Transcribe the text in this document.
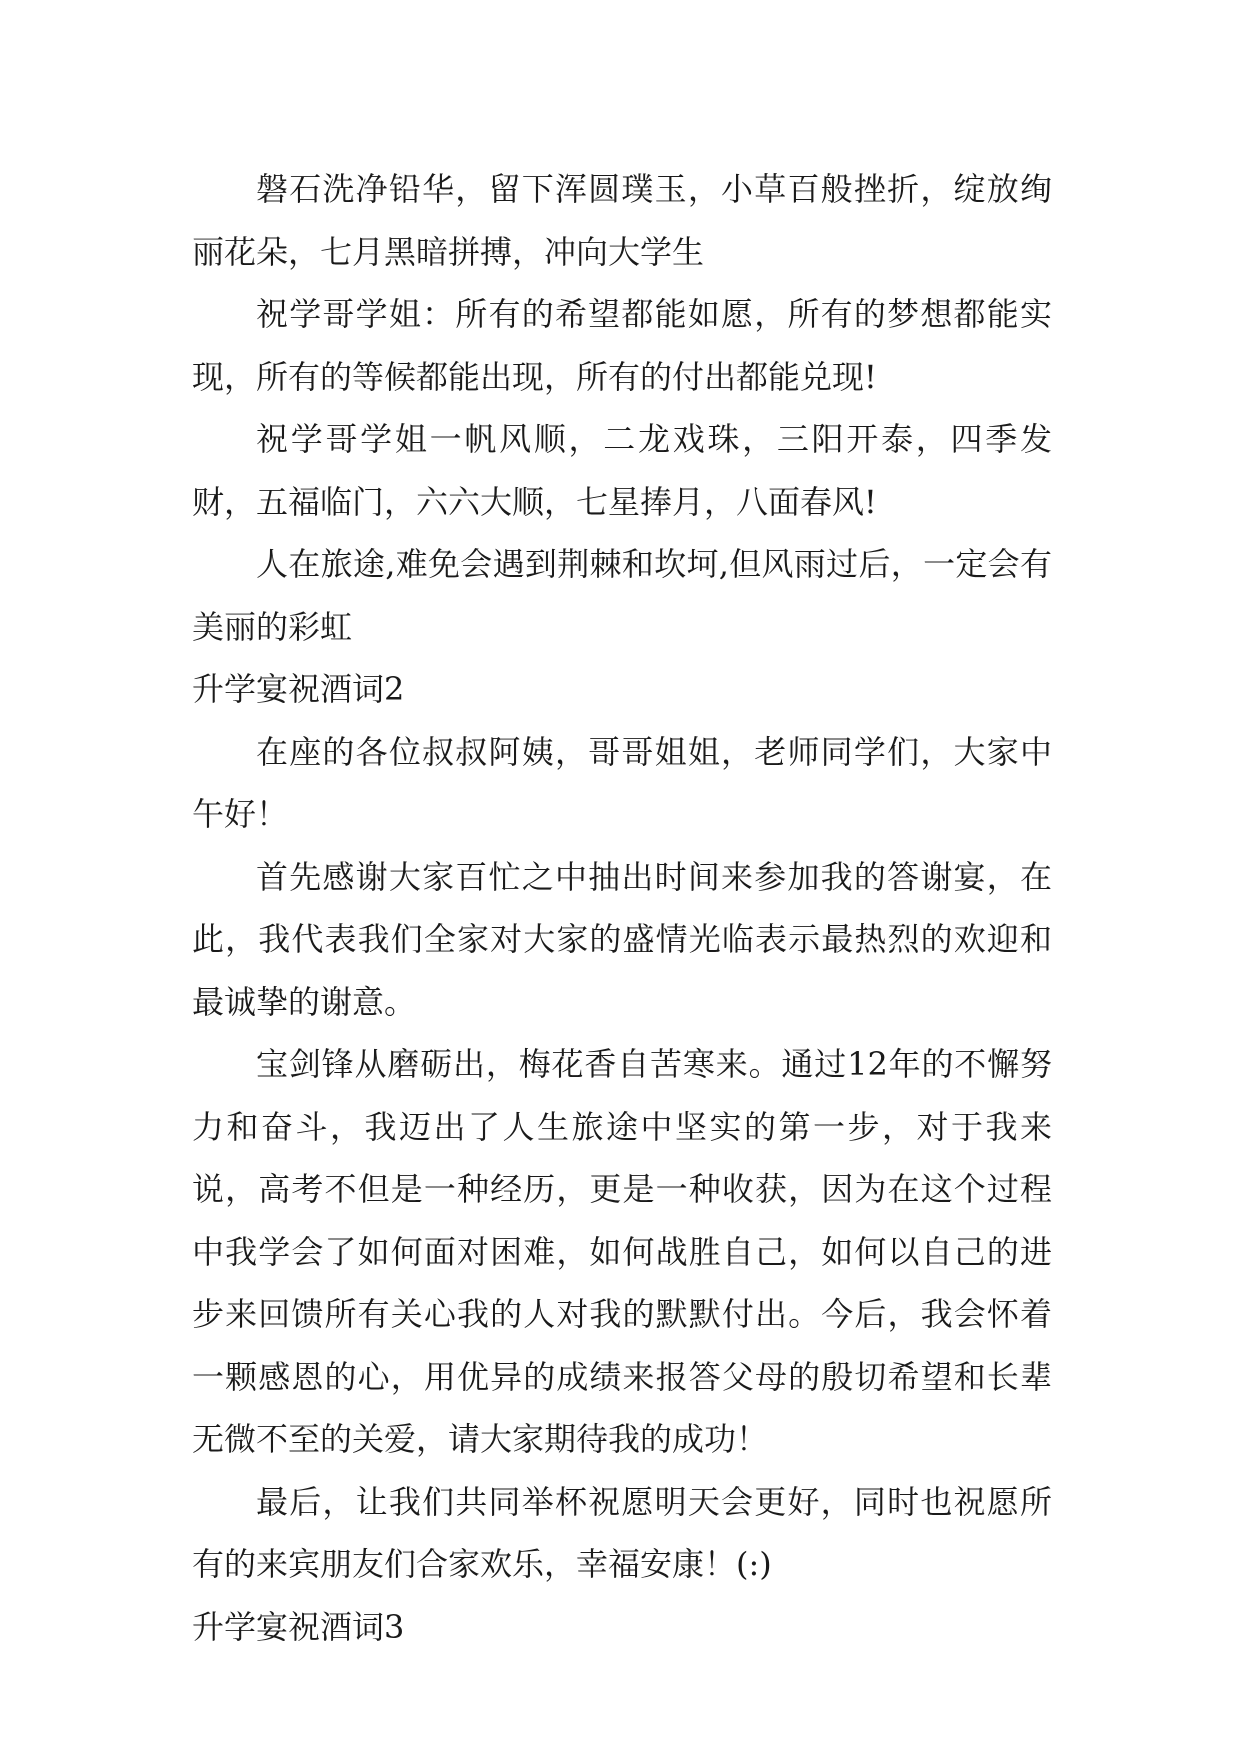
磐石洗净铅华，留下浑圆璞玉，小草百般挫折，绽放绚丽花朵，七月黑暗拼搏，冲向大学生

祝学哥学姐：所有的希望都能如愿，所有的梦想都能实现，所有的等候都能出现，所有的付出都能兑现!

祝学哥学姐一帆风顺，二龙戏珠，三阳开泰，四季发财，五福临门，六六大顺，七星捧月，八面春风!

人在旅途,难免会遇到荆棘和坎坷,但风雨过后，一定会有美丽的彩虹

升学宴祝酒词2

在座的各位叔叔阿姨，哥哥姐姐，老师同学们，大家中午好！

首先感谢大家百忙之中抽出时间来参加我的答谢宴，在此，我代表我们全家对大家的盛情光临表示最热烈的欢迎和最诚挚的谢意。

宝剑锋从磨砺出，梅花香自苦寒来。通过12年的不懈努力和奋斗，我迈出了人生旅途中坚实的第一步，对于我来说，高考不但是一种经历，更是一种收获，因为在这个过程中我学会了如何面对困难，如何战胜自己，如何以自己的进步来回馈所有关心我的人对我的默默付出。今后，我会怀着一颗感恩的心，用优异的成绩来报答父母的殷切希望和长辈无微不至的关爱，请大家期待我的成功！

最后，让我们共同举杯祝愿明天会更好，同时也祝愿所有的来宾朋友们合家欢乐，幸福安康！(:)

升学宴祝酒词3
